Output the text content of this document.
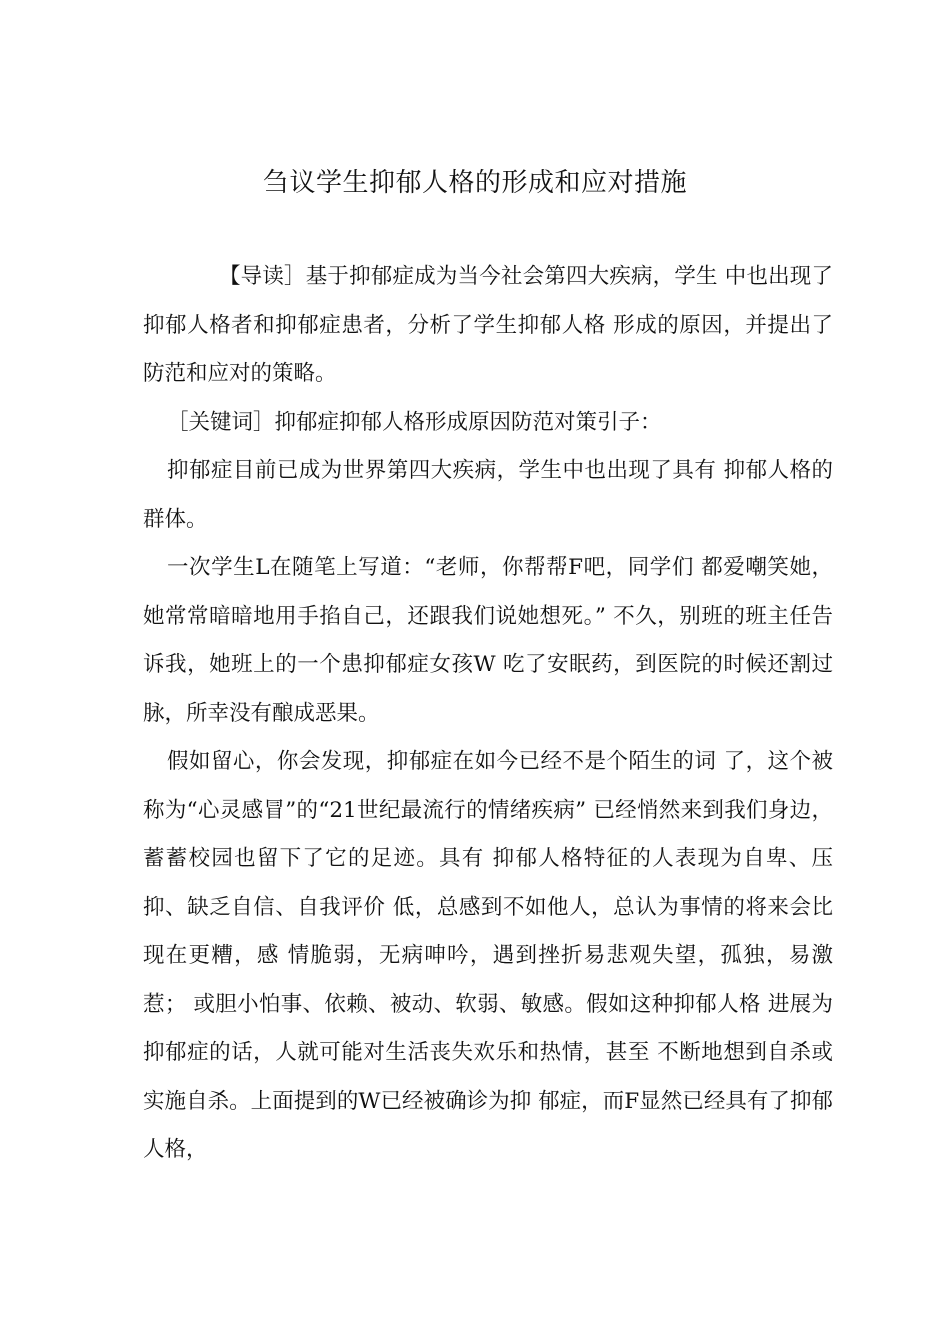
刍议学生抑郁人格的形成和应对措施

【导读］基于抑郁症成为当今社会第四大疾病，学生 中也出现了抑郁人格者和抑郁症患者，分析了学生抑郁人格 形成的原因，并提出了防范和应对的策略。

［关键词］抑郁症抑郁人格形成原因防范对策引子：

抑郁症目前已成为世界第四大疾病，学生中也出现了具有 抑郁人格的群体。

一次学生L在随笔上写道：“老师，你帮帮F吧，同学们 都爱嘲笑她，她常常暗暗地用手掐自己，还跟我们说她想死。” 不久，别班的班主任告诉我，她班上的一个患抑郁症女孩W 吃了安眠药，到医院的时候还割过脉，所幸没有酿成恶果。

假如留心，你会发现，抑郁症在如今已经不是个陌生的词 了，这个被称为“心灵感冒”的“21世纪最流行的情绪疾病” 已经悄然来到我们身边，蓄蓄校园也留下了它的足迹。具有 抑郁人格特征的人表现为自卑、压抑、缺乏自信、自我评价 低，总感到不如他人，总认为事情的将来会比现在更糟，感 情脆弱，无病呻吟，遇到挫折易悲观失望，孤独，易激惹； 或胆小怕事、依赖、被动、软弱、敏感。假如这种抑郁人格 进展为抑郁症的话，人就可能对生活丧失欢乐和热情，甚至 不断地想到自杀或实施自杀。上面提到的W已经被确诊为抑 郁症，而F显然已经具有了抑郁人格，
